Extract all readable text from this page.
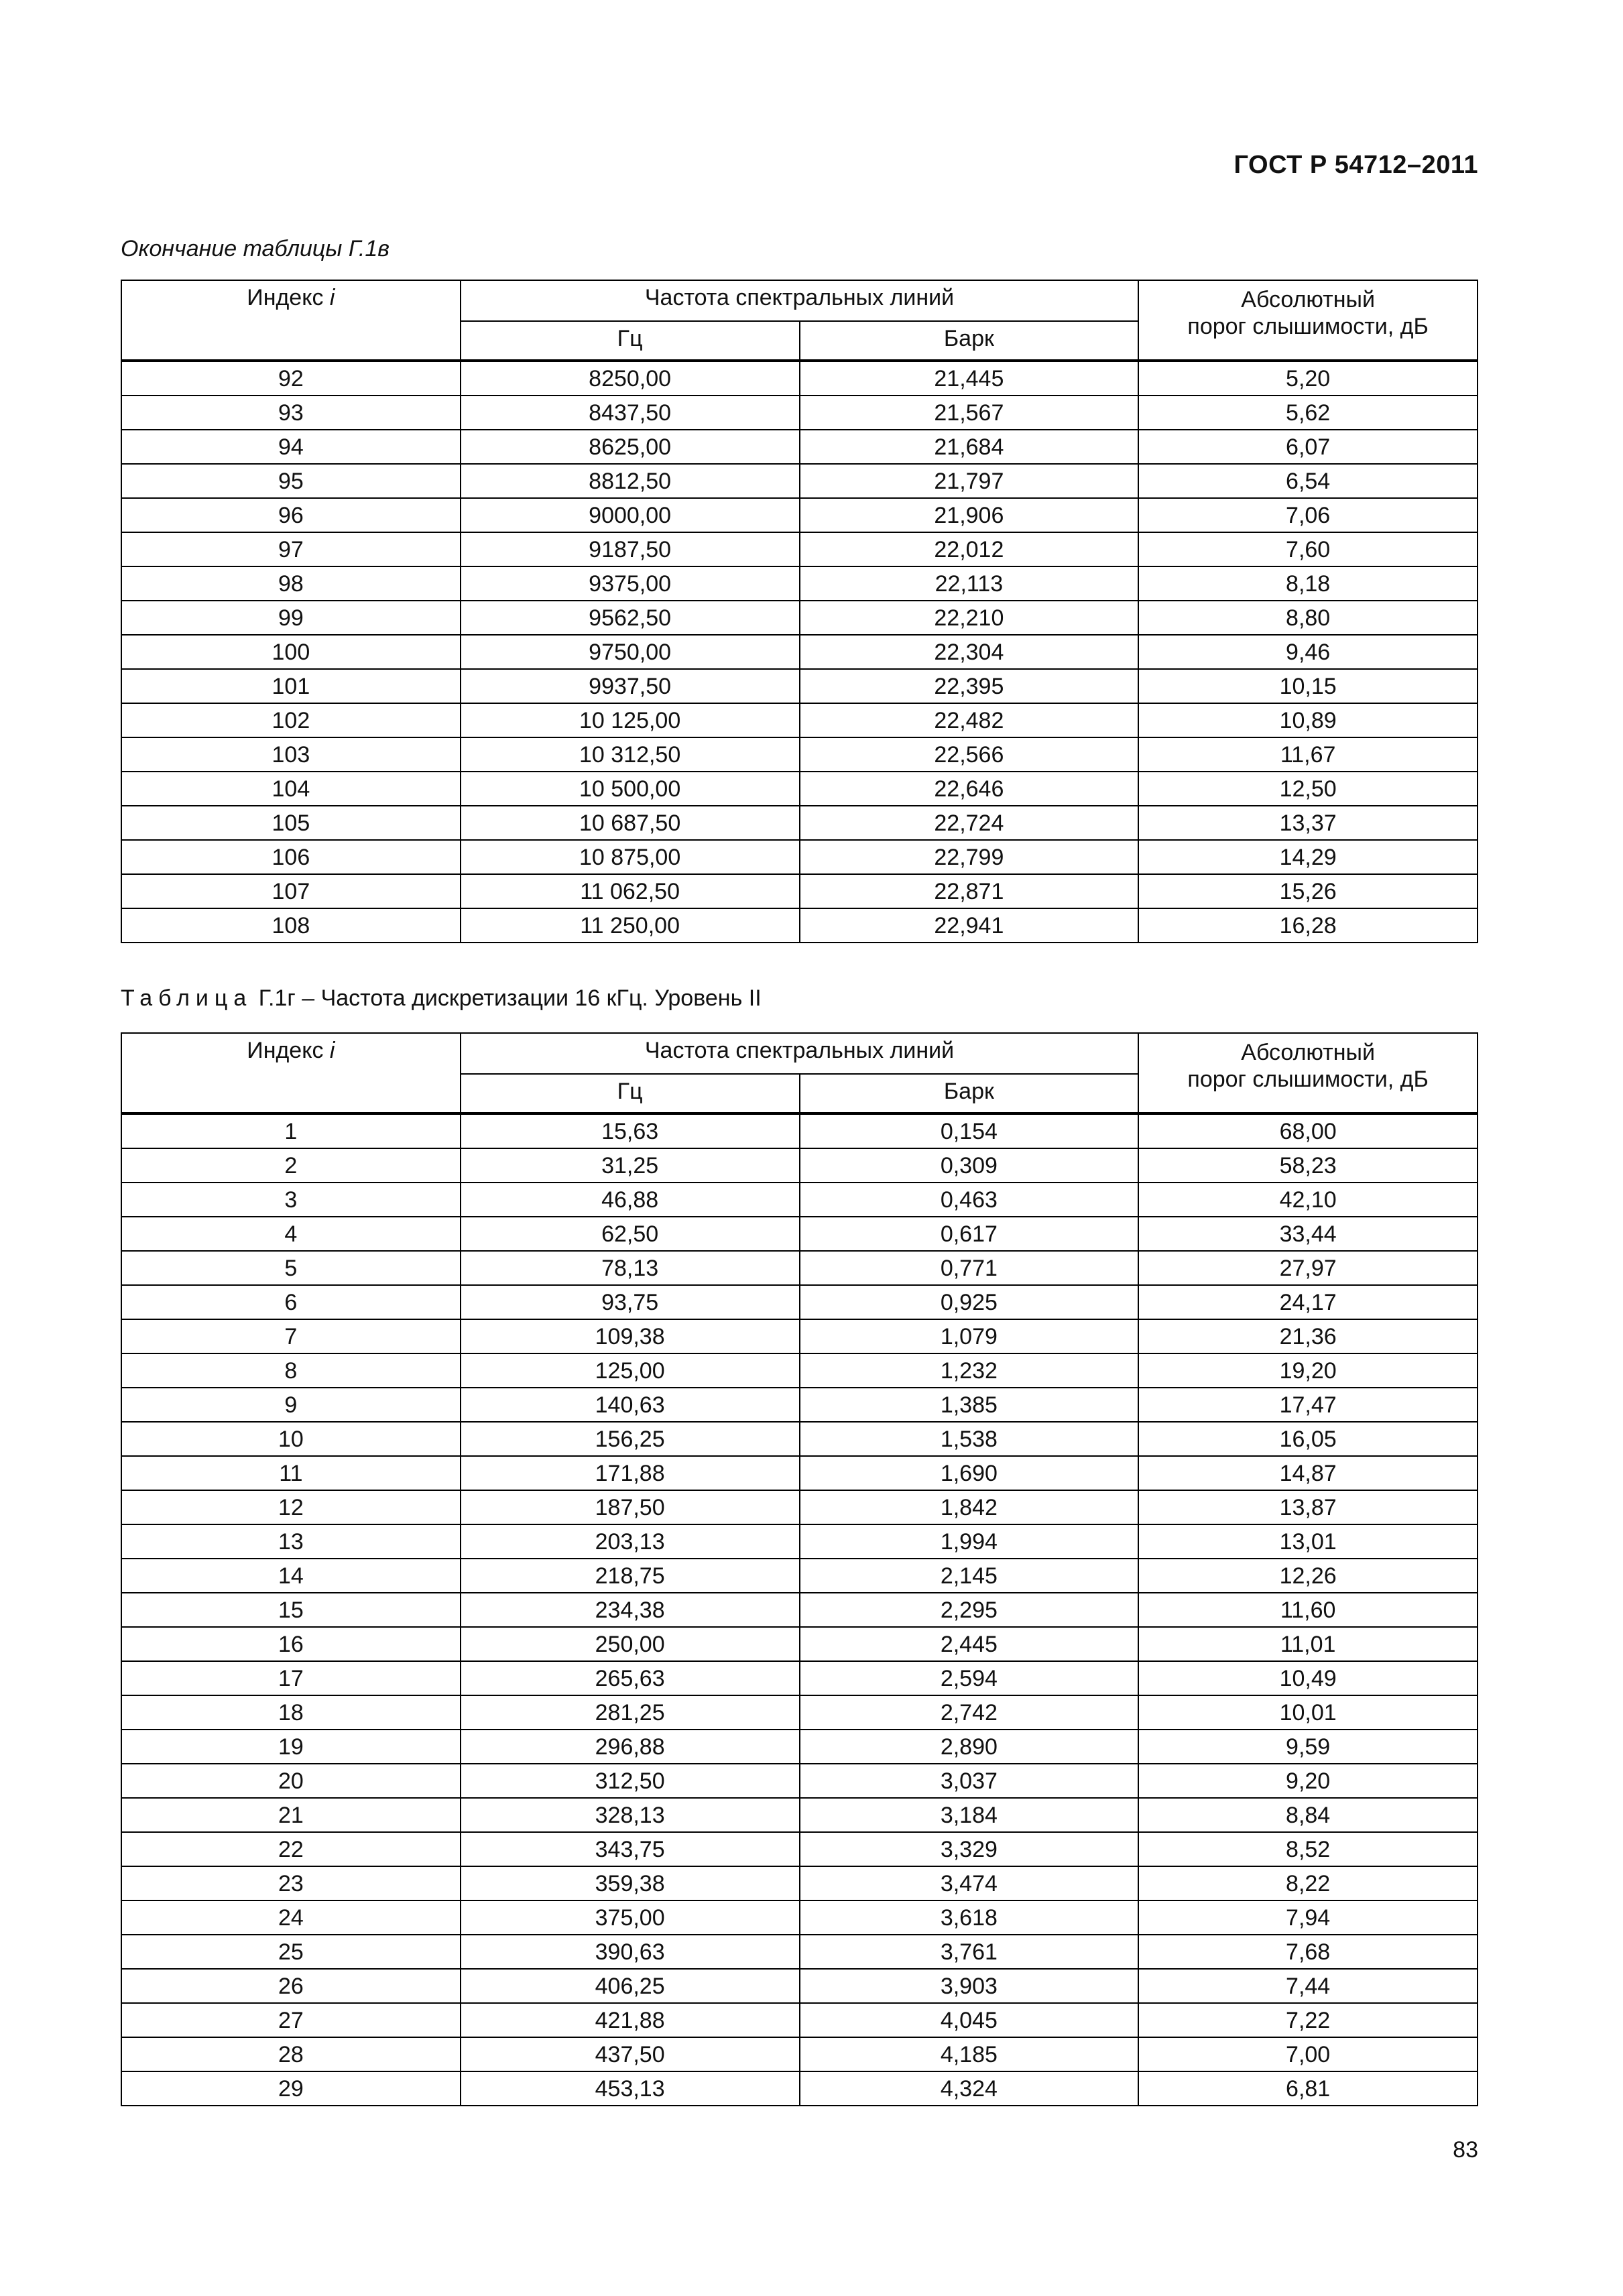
ГОСТ Р 54712–2011
Окончание таблицы Г.1в
Индекс i	Частота спектральных линий		Абсолютный
порог слышимости, дБ
	Гц	Барк	
92	8250,00	21,445	5,20
93	8437,50	21,567	5,62
94	8625,00	21,684	6,07
95	8812,50	21,797	6,54
96	9000,00	21,906	7,06
97	9187,50	22,012	7,60
98	9375,00	22,113	8,18
99	9562,50	22,210	8,80
100	9750,00	22,304	9,46
101	9937,50	22,395	10,15
102	10 125,00	22,482	10,89
103	10 312,50	22,566	11,67
104	10 500,00	22,646	12,50
105	10 687,50	22,724	13,37
106	10 875,00	22,799	14,29
107	11 062,50	22,871	15,26
108	11 250,00	22,941	16,28
Таблица Г.1г – Частота дискретизации 16 кГц. Уровень II
Индекс i	Частота спектральных линий		Абсолютный
порог слышимости, дБ
	Гц	Барк	
1	15,63	0,154	68,00
2	31,25	0,309	58,23
3	46,88	0,463	42,10
4	62,50	0,617	33,44
5	78,13	0,771	27,97
6	93,75	0,925	24,17
7	109,38	1,079	21,36
8	125,00	1,232	19,20
9	140,63	1,385	17,47
10	156,25	1,538	16,05
11	171,88	1,690	14,87
12	187,50	1,842	13,87
13	203,13	1,994	13,01
14	218,75	2,145	12,26
15	234,38	2,295	11,60
16	250,00	2,445	11,01
17	265,63	2,594	10,49
18	281,25	2,742	10,01
19	296,88	2,890	9,59
20	312,50	3,037	9,20
21	328,13	3,184	8,84
22	343,75	3,329	8,52
23	359,38	3,474	8,22
24	375,00	3,618	7,94
25	390,63	3,761	7,68
26	406,25	3,903	7,44
27	421,88	4,045	7,22
28	437,50	4,185	7,00
29	453,13	4,324	6,81
83
